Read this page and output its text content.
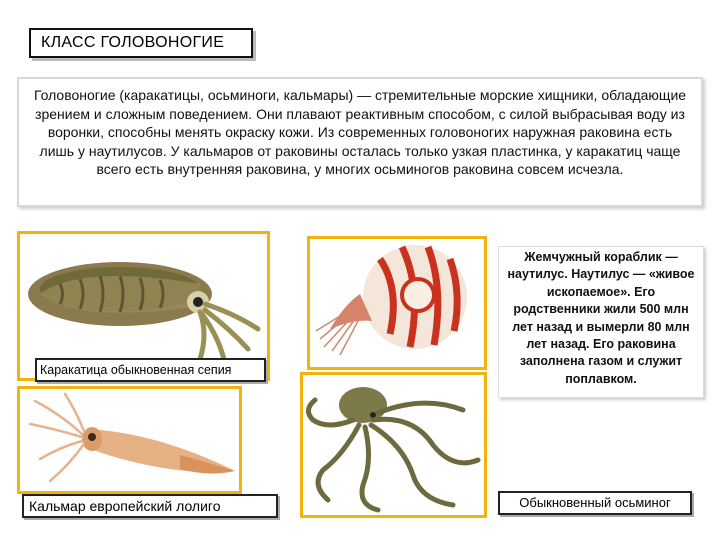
КЛАСС ГОЛОВОНОГИЕ
Головоногие (каракатицы, осьминоги, кальмары) — стремительные морские хищники, обладающие зрением и сложным поведением. Они плавают реактивным способом, с силой выбрасывая воду из воронки, способны менять окраску кожи. Из современных головоногих наружная раковина есть лишь у наутилусов. У кальмаров от раковины осталась только узкая пластинка, у каракатиц чаще всего есть внутренняя раковина, у многих осьминогов раковина совсем исчезла.
Каракатица обыкновенная сепия
Жемчужный кораблик — наутилус. Наутилус — «живое ископаемое». Его родственники жили 500 млн лет назад и вымерли 80 млн лет назад. Его раковина заполнена газом и служит поплавком.
Кальмар европейский лолиго	Обыкновенный осьминог
